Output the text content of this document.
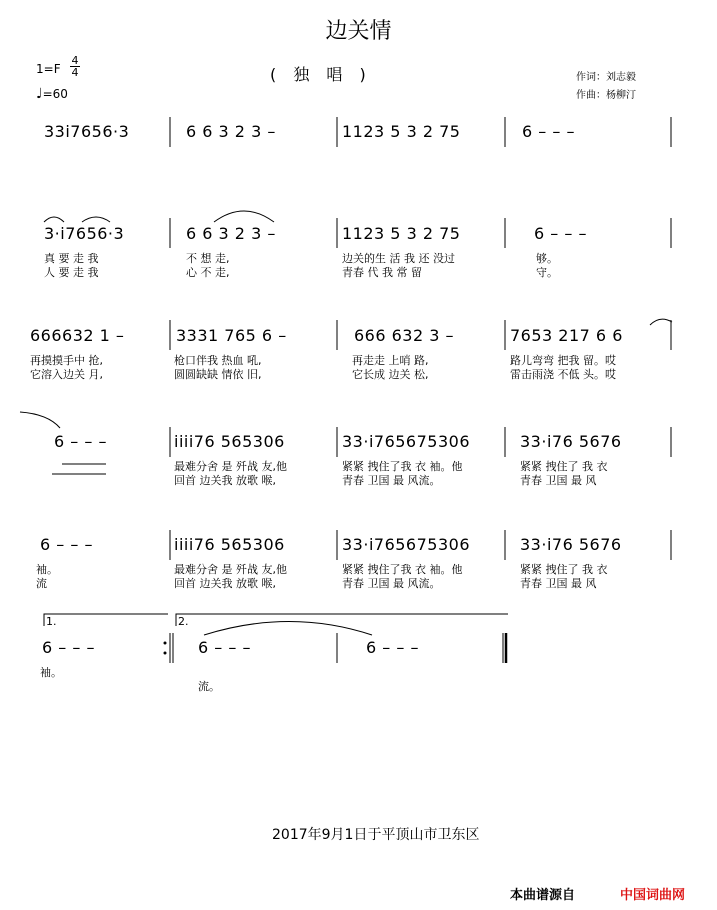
边关情
( 独 唱 )
1=F
4
4
♩=60
作词：刘志毅
作曲：杨柳汀
33i7656·3	6 6 3 2 3 –	1123 5 3 2 75	6 – – –
3·i7656·3	6 6 3 2 3 –	1123 5 3 2 75	6 – – –
真 要 走 我	不 想 走,	边关的生 活 我 还 没过	够。
人 要 走 我	心 不 走,	青春 代 我 常 留	守。
666632 1 –	3331 765 6 –	666 632 3 –	7653 217 6 6
再摸摸手中 抢,	枪口伴我 热血 吼,	再走走 上哨 路,	路儿弯弯 把我 留。哎
它溶入边关 月,	圆圆缺缺 情依 旧,	它长成 边关 松,	雷击雨浇 不低 头。哎
6 – – –	iiii76 565306	33·i765675306	33·i76 5676
最难分舍 是 歼战 友,他	紧紧 拽住了我 衣 袖。他	紧紧 拽住了 我 衣
回首 边关我 放歌 喉,	青春 卫国 最 风流。	青春 卫国 最 风
6 – – –	iiii76 565306	33·i765675306	33·i76 5676
袖。	最难分舍 是 歼战 友,他	紧紧 拽住了我 衣 袖。他	紧紧 拽住了 我 衣
流	回首 边关我 放歌 喉,	青春 卫国 最 风流。	青春 卫国 最 风
1.	2.
6 – – –	6 – – –	6 – – –
袖。
流。
2017年9月1日于平顶山市卫东区
本曲谱源自	中国词曲网
